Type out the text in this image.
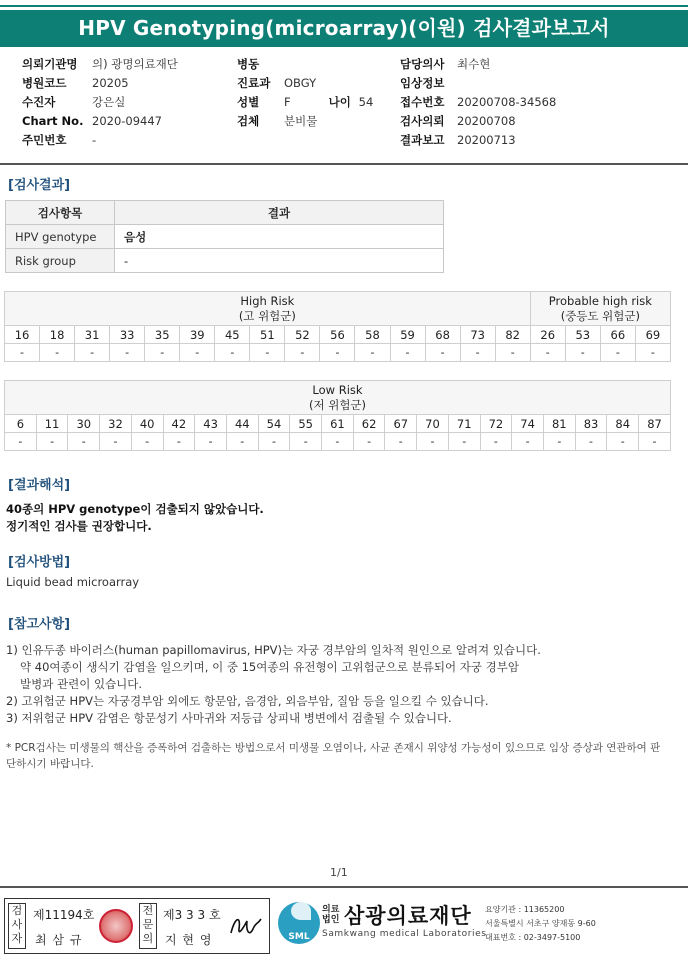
HPV Genotyping(microarray)(이원) 검사결과보고서
의뢰기관명	의) 광명의료재단
병원코드	20205
수진자	강은실
Chart No. 2020-09447
주민번호	-
병동
진료과	OBGY
성별	F	나이 54
검체	분비물
담당의사	최수현
임상정보
접수번호	20200708-34568
검사의뢰	20200708
결과보고	20200713
[검사결과]
검사항목	결과
HPV genotype	음성
Risk group	-
High Risk
(고 위험군)															Probable high risk
(중등도 위험군)			
16	18	31	33	35	39	45	51	52	56	58	59	68	73	82	26	53	66	69
-	-	-	-	-	-	-	-	-	-	-	-	-	-	-	-	-	-	-
Low Risk
(저 위험군)																				
6	11	30	32	40	42	43	44	54	55	61	62	67	70	71	72	74	81	83	84	87
-	-	-	-	-	-	-	-	-	-	-	-	-	-	-	-	-	-	-	-	-
[결과해석]
40종의 HPV genotype이 검출되지 않았습니다.
정기적인 검사를 권장합니다.
[검사방법]
Liquid bead microarray
[참고사항]
1) 인유두종 바이러스(human papillomavirus, HPV)는 자궁 경부암의 일차적 원인으로 알려져 있습니다.
약 40여종이 생식기 감염을 일으키며, 이 중 15여종의 유전형이 고위험군으로 분류되어 자궁 경부암
발병과 관련이 있습니다.
2) 고위험군 HPV는 자궁경부암 외에도 항문암, 음경암, 외음부암, 질암 등을 일으킬 수 있습니다.
3) 저위험군 HPV 감염은 항문성기 사마귀와 저등급 상피내 병변에서 검출될 수 있습니다.
* PCR검사는 미생물의 핵산을 증폭하여 검출하는 방법으로서 미생물 오염이나, 사균 존재시 위양성 가능성이 있으므로 임상 증상과 연관하여 판단하시기 바랍니다.
1/1
검사자
제11194호
최 삼 규
전문의
제3 3 3 호
지 현 영	SML
의료 법인 삼광의료재단
Samkwang medical Laboratories
요양기관 : 11365200
서울특별시 서초구 양재동 9-60
대표번호 : 02-3497-5100
